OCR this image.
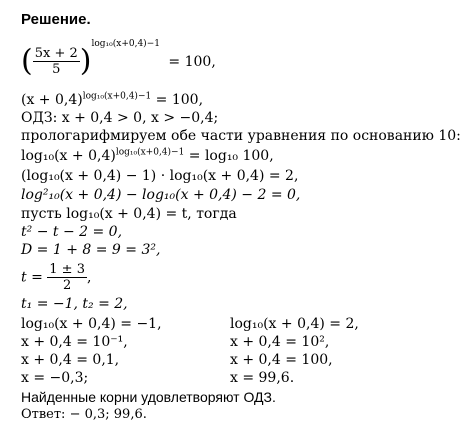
Решение.
( $\frac{5x + 2}{5} )^{log_{10}(x+0,4)-1} = 100$,
$(x + 0,4)^{log_{10}(x+0,4)-1} = 100$,
ОДЗ: x + 0,4 > 0, x > −0,4;
прологарифмируем обе части уравнения по основанию 10:
$\log_{10}(x + 0,4)^{log_{10}(x+0,4)-1} = \log_{10}$ 100,
(log₁₀(x + 0,4) − 1) · log₁₀(x + 0,4) = 2,
log²₁₀(x + 0,4) − log₁₀(x + 0,4) − 2 = 0,
пусть log₁₀(x + 0,4) = t, тогда
t² − t − 2 = 0,
D = 1 + 8 = 9 = 3²,
$t = \frac{1 \pm 3}{2}$ ,
t₁ = −1, t₂ = 2,
log₁₀(x + 0,4) = −1,
x + 0,4 = 10⁻¹,
x + 0,4 = 0,1,
x = −0,3;
log₁₀(x + 0,4) = 2,
x + 0,4 = 10²,
x + 0,4 = 100,
x = 99,6.
Найденные корни удовлетворяют ОДЗ.
Ответ: − 0,3; 99,6.
